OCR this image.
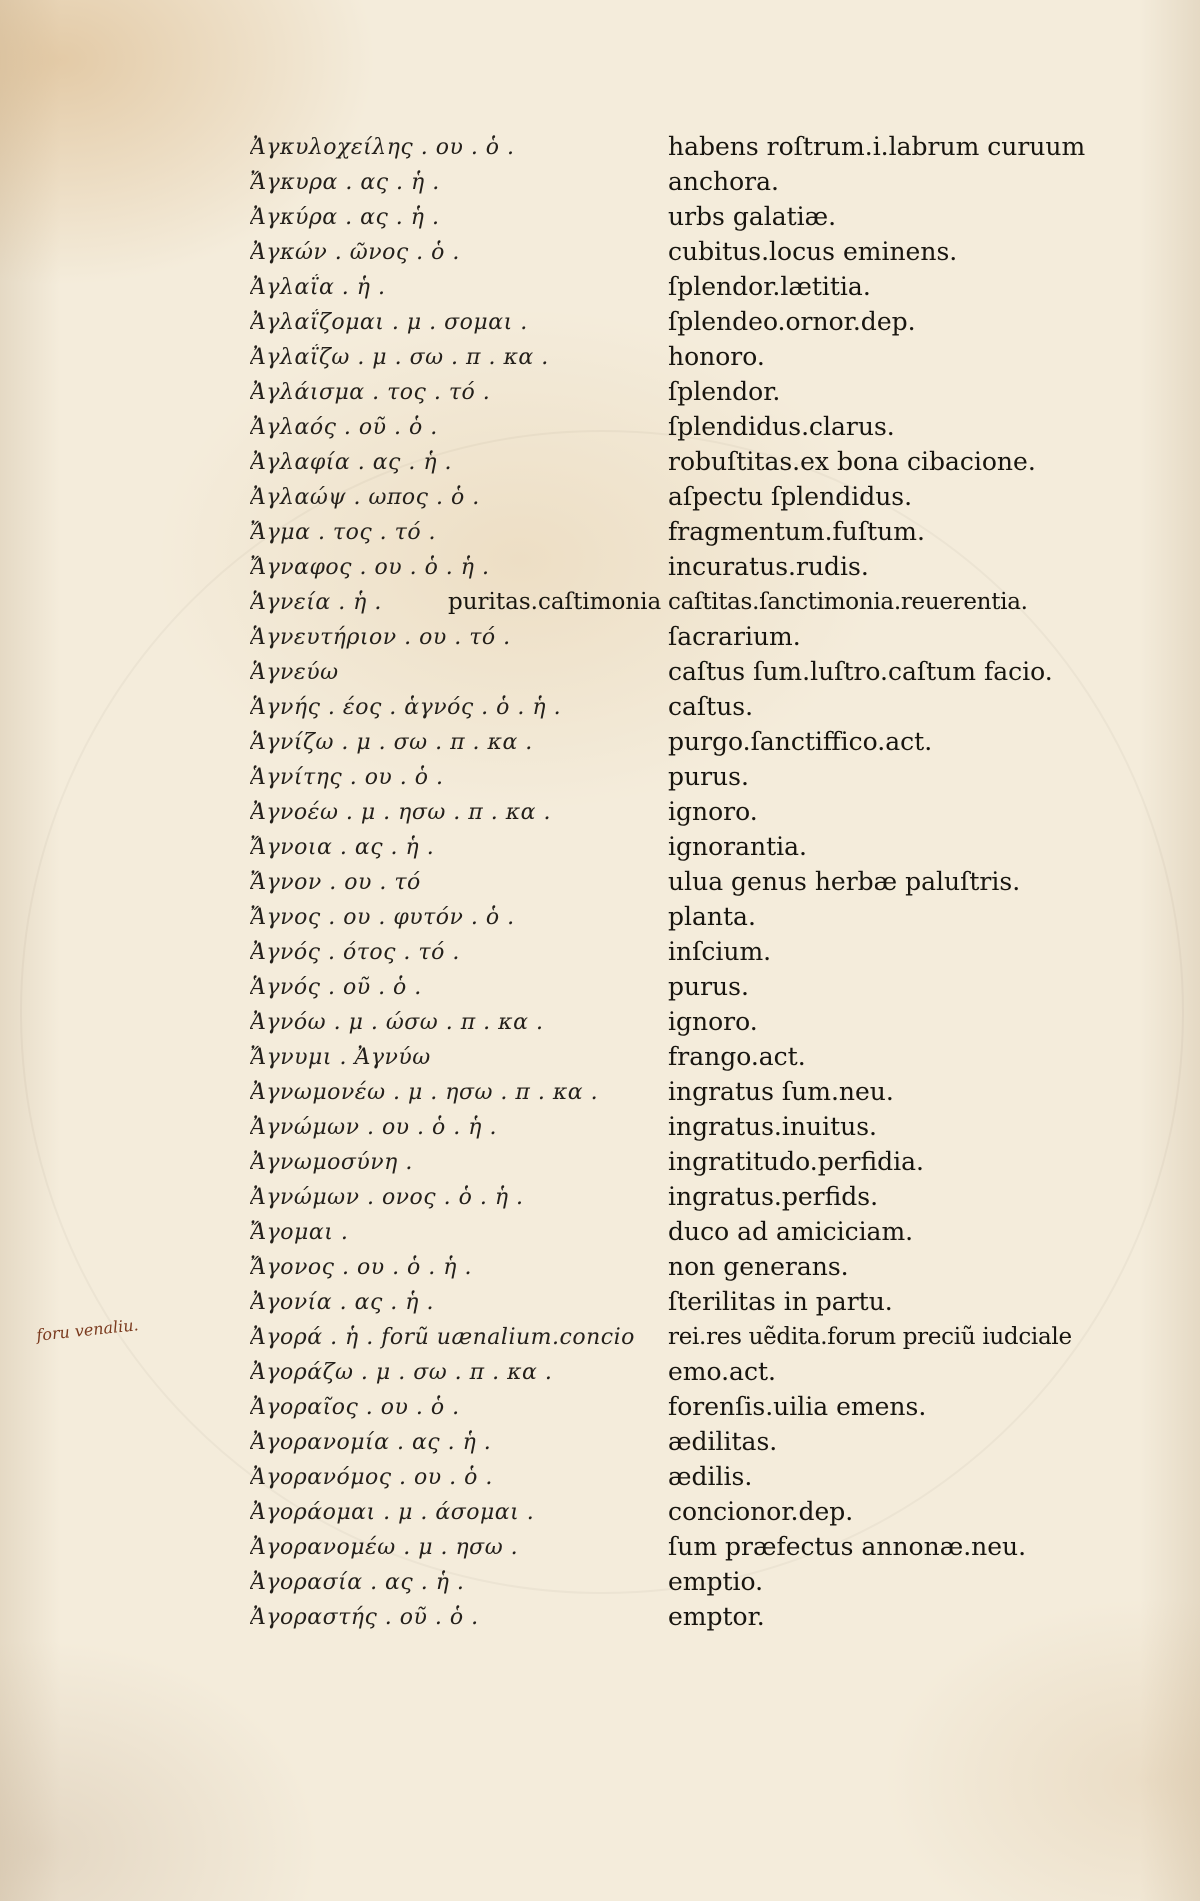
foru venaliu.
Ἀγκυλοχείλης . ου . ὁ .	habens roſtrum.i.labrum curuum
Ἄγκυρα . ας . ἡ .	anchora.
Ἀγκύρα . ας . ἡ .	urbs galatiæ.
Ἀγκών . ῶνος . ὁ .	cubitus.locus eminens.
Ἀγλαΐα . ἡ .	ſplendor.lætitia.
Ἀγλαΐζομαι . μ . σομαι .	ſplendeo.ornor.dep.
Ἀγλαΐζω . μ . σω . π . κα .	honoro.
Ἀγλάισμα . τος . τό .	ſplendor.
Ἀγλαός . οῦ . ὁ .	ſplendidus.clarus.
Ἀγλαφία . ας . ἡ .	robuſtitas.ex bona cibacione.
Ἀγλαώψ . ωπος . ὁ .	aſpectu ſplendidus.
Ἄγμα . τος . τό .	fragmentum.fuſtum.
Ἄγναφος . ου . ὁ . ἡ .	incuratus.rudis.
Ἁγνεία . ἡ .	puritas.caſtimonia caſtitas.ſanctimonia.reuerentia.
Ἁγνευτήριον . ου . τό .	ſacrarium.
Ἁγνεύω	caſtus ſum.luſtro.caſtum facio.
Ἁγνής . έος . ἁγνός . ὁ . ἡ .	caſtus.
Ἁγνίζω . μ . σω . π . κα .	purgo.ſanctiffico.act.
Ἁγνίτης . ου . ὁ .	purus.
Ἀγνοέω . μ . ησω . π . κα .	ignoro.
Ἄγνοια . ας . ἡ .	ignorantia.
Ἄγνον . ου . τό	ulua genus herbæ paluſtris.
Ἄγνος . ου . φυτόν . ὁ .	planta.
Ἀγνός . ότος . τό .	inſcium.
Ἁγνός . οῦ . ὁ .	purus.
Ἀγνόω . μ . ώσω . π . κα .	ignoro.
Ἄγνυμι . Ἀγνύω	frango.act.
Ἀγνωμονέω . μ . ησω . π . κα .	ingratus ſum.neu.
Ἀγνώμων . ου . ὁ . ἡ .	ingratus.inuitus.
Ἀγνωμοσύνη .	ingratitudo.perfidia.
Ἀγνώμων . ονος . ὁ . ἡ .	ingratus.perfids.
Ἄγομαι .	duco ad amiciciam.
Ἄγονος . ου . ὁ . ἡ .	non generans.
Ἀγονία . ας . ἡ .	ſterilitas in partu.
Ἀγορά . ἡ . forũ uænalium.concio	rei.res uẽdita.forum preciũ iudciale
Ἀγοράζω . μ . σω . π . κα .	emo.act.
Ἀγοραῖος . ου . ὁ .	forenſis.uilia emens.
Ἀγορανομία . ας . ἡ .	ædilitas.
Ἀγορανόμος . ου . ὁ .	ædilis.
Ἀγοράομαι . μ . άσομαι .	concionor.dep.
Ἀγορανομέω . μ . ησω .	ſum præfectus annonæ.neu.
Ἀγορασία . ας . ἡ .	emptio.
Ἀγοραστής . οῦ . ὁ .	emptor.
